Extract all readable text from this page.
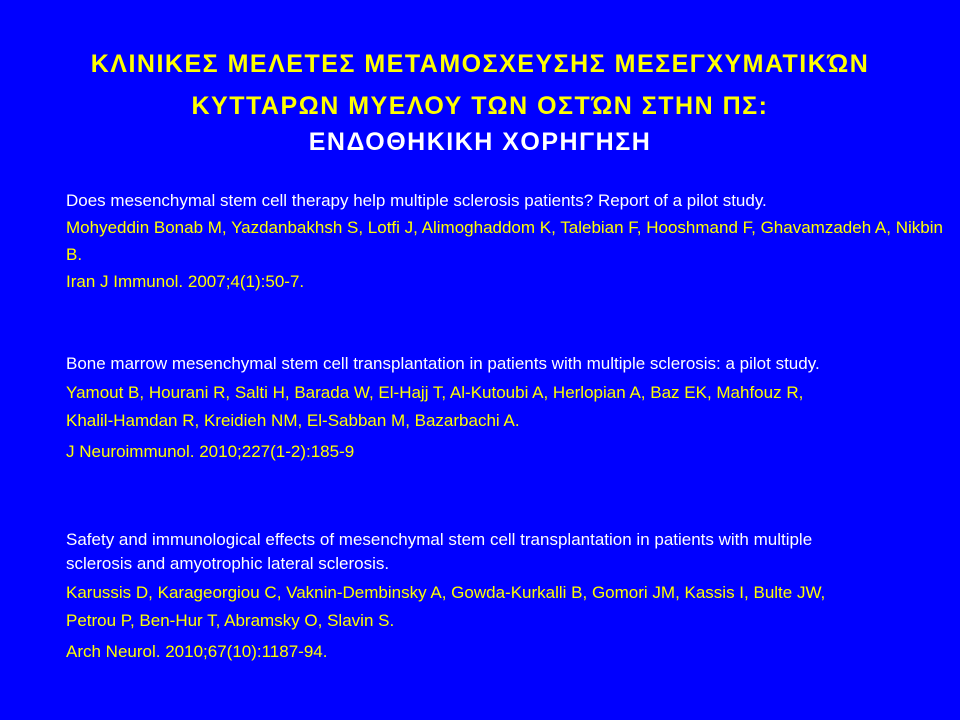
ΚΛΙΝΙΚΕΣ ΜΕΛΕΤΕΣ ΜΕΤΑΜΟΣΧΕΥΣΗΣ ΜΕΣΕΓΧΥΜΑΤΙΚΏΝ
ΚΥΤΤΑΡΩΝ ΜΥΕΛΟΥ ΤΩΝ ΟΣΤΏΝ ΣΤΗΝ ΠΣ:
ΕΝΔΟΘΗΚΙΚΗ ΧΟΡΗΓΗΣΗ
Does mesenchymal stem cell therapy help multiple sclerosis patients? Report of a pilot study.
Mohyeddin Bonab M, Yazdanbakhsh S, Lotfi J, Alimoghaddom K, Talebian F, Hooshmand F, Ghavamzadeh A, Nikbin B.
Iran J Immunol. 2007;4(1):50-7.
Bone marrow mesenchymal stem cell transplantation in patients with multiple sclerosis: a pilot study.
Yamout B, Hourani R, Salti H, Barada W, El-Hajj T, Al-Kutoubi A, Herlopian A, Baz EK, Mahfouz R, Khalil-Hamdan R, Kreidieh NM, El-Sabban M, Bazarbachi A.
J Neuroimmunol. 2010;227(1-2):185-9
Safety and immunological effects of mesenchymal stem cell transplantation in patients with multiple sclerosis and amyotrophic lateral sclerosis.
Karussis D, Karageorgiou C, Vaknin-Dembinsky A, Gowda-Kurkalli B, Gomori JM, Kassis I, Bulte JW, Petrou P, Ben-Hur T, Abramsky O, Slavin S.
Arch Neurol. 2010;67(10):1187-94.
